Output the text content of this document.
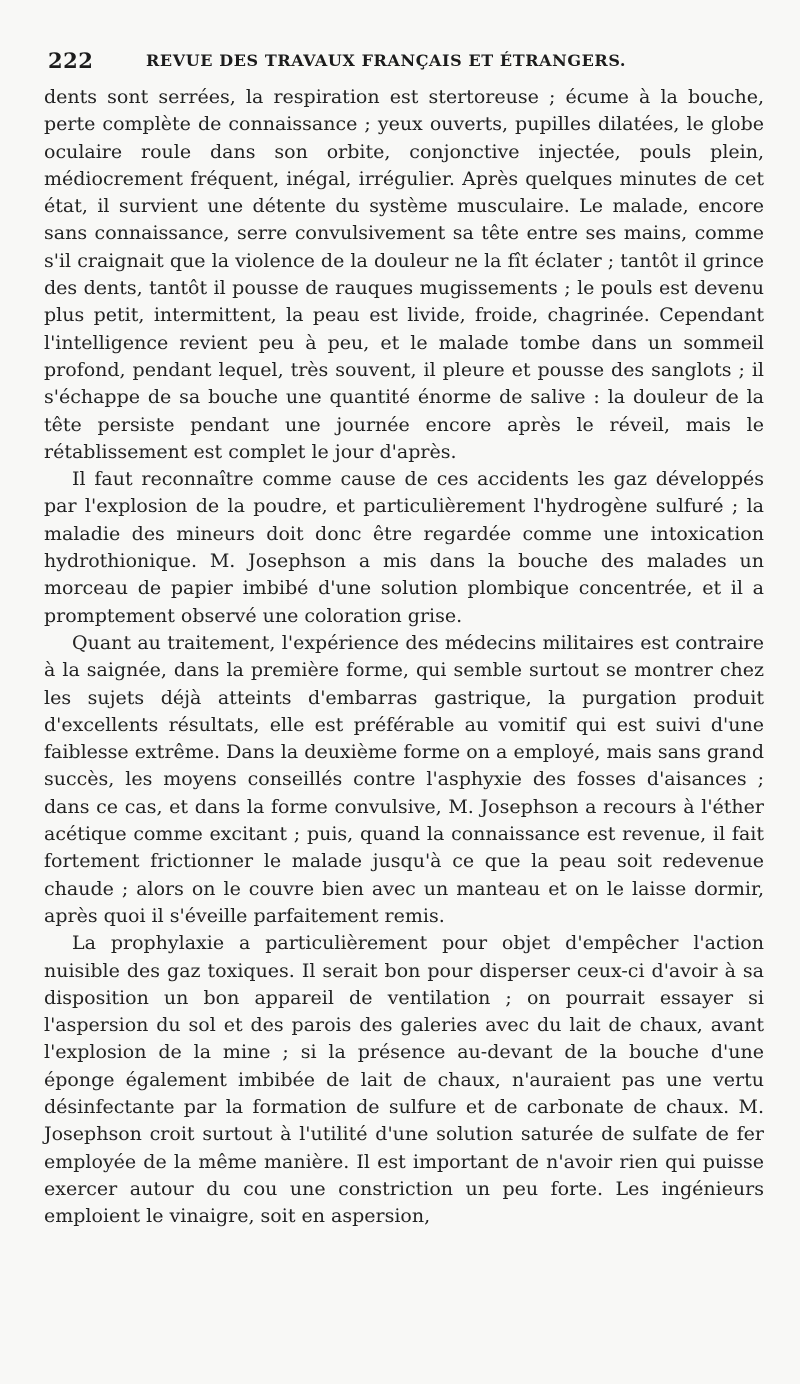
222	REVUE DES TRAVAUX FRANÇAIS ET ÉTRANGERS.

dents sont serrées, la respiration est stertoreuse ; écume à la bouche, perte complète de connaissance ; yeux ouverts, pupilles dilatées, le globe oculaire roule dans son orbite, conjonctive injectée, pouls plein, médiocrement fréquent, inégal, irrégulier. Après quelques minutes de cet état, il survient une détente du système musculaire. Le malade, encore sans connaissance, serre convulsivement sa tête entre ses mains, comme s'il craignait que la violence de la douleur ne la fît éclater ; tantôt il grince des dents, tantôt il pousse de rauques mugissements ; le pouls est devenu plus petit, intermittent, la peau est livide, froide, chagrinée. Cependant l'intelligence revient peu à peu, et le malade tombe dans un sommeil profond, pendant lequel, très souvent, il pleure et pousse des sanglots ; il s'échappe de sa bouche une quantité énorme de salive : la douleur de la tête persiste pendant une journée encore après le réveil, mais le rétablissement est complet le jour d'après.

Il faut reconnaître comme cause de ces accidents les gaz développés par l'explosion de la poudre, et particulièrement l'hydrogène sulfuré ; la maladie des mineurs doit donc être regardée comme une intoxication hydrothionique. M. Josephson a mis dans la bouche des malades un morceau de papier imbibé d'une solution plombique concentrée, et il a promptement observé une coloration grise.

Quant au traitement, l'expérience des médecins militaires est contraire à la saignée, dans la première forme, qui semble surtout se montrer chez les sujets déjà atteints d'embarras gastrique, la purgation produit d'excellents résultats, elle est préférable au vomitif qui est suivi d'une faiblesse extrême. Dans la deuxième forme on a employé, mais sans grand succès, les moyens conseillés contre l'asphyxie des fosses d'aisances ; dans ce cas, et dans la forme convulsive, M. Josephson a recours à l'éther acétique comme excitant ; puis, quand la connaissance est revenue, il fait fortement frictionner le malade jusqu'à ce que la peau soit redevenue chaude ; alors on le couvre bien avec un manteau et on le laisse dormir, après quoi il s'éveille parfaitement remis.

La prophylaxie a particulièrement pour objet d'empêcher l'action nuisible des gaz toxiques. Il serait bon pour disperser ceux-ci d'avoir à sa disposition un bon appareil de ventilation ; on pourrait essayer si l'aspersion du sol et des parois des galeries avec du lait de chaux, avant l'explosion de la mine ; si la présence au-devant de la bouche d'une éponge également imbibée de lait de chaux, n'auraient pas une vertu désinfectante par la formation de sulfure et de carbonate de chaux. M. Josephson croit surtout à l'utilité d'une solution saturée de sulfate de fer employée de la même manière. Il est important de n'avoir rien qui puisse exercer autour du cou une constriction un peu forte. Les ingénieurs emploient le vinaigre, soit en aspersion,
